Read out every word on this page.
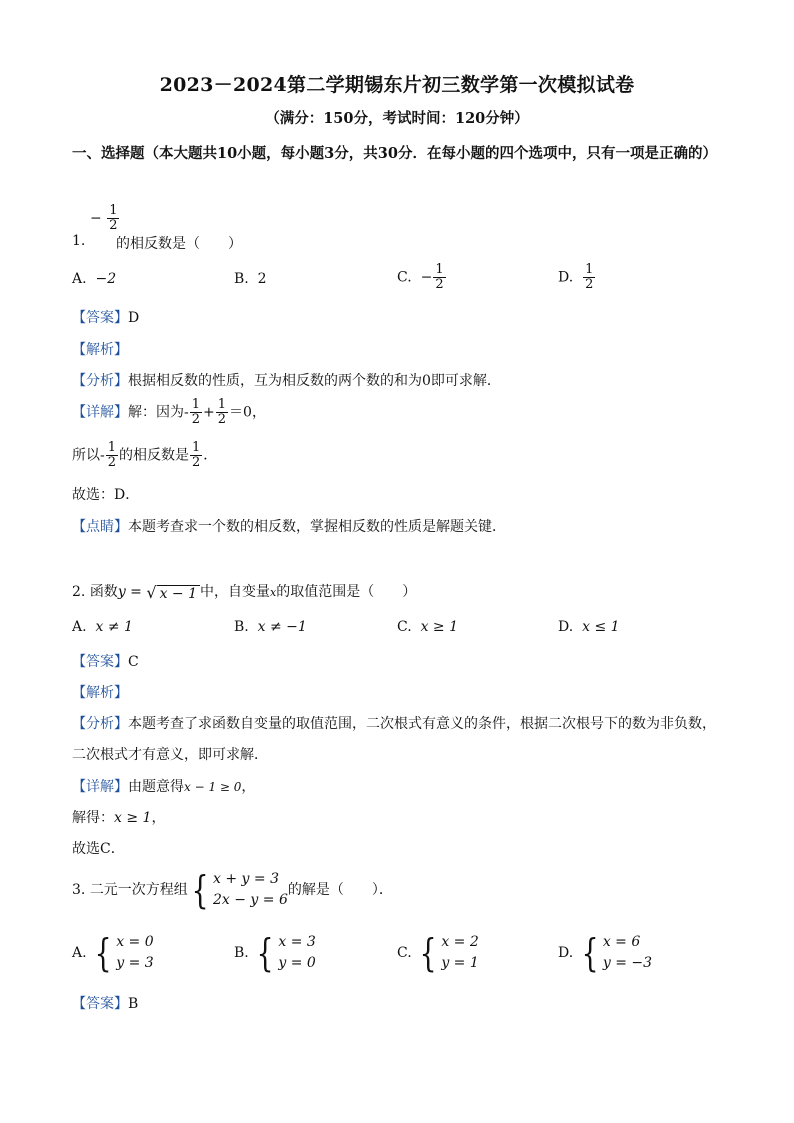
2023－2024第二学期锡东片初三数学第一次模拟试卷
（满分：150分，考试时间：120分钟）
一、选择题（本大题共10小题，每小题3分，共30分．在每小题的四个选项中，只有一项是正确的）
− $\frac{1}{2}$
1. 的相反数是（　　）
A. −2	B. 2	C. − $\frac{1}{2}$	D. $\frac{1}{2}$
【答案】D
【解析】
【分析】根据相反数的性质，互为相反数的两个数的和为0即可求解．
【详解】解：因为- $\frac{1}{2} + \frac{1}{2} =0$，
所以- $\frac{1}{2}$ 的相反数是 $\frac{1}{2}$ ．
故选：D．
【点睛】本题考查求一个数的相反数，掌握相反数的性质是解题关键．
2. 函数y = √ x − 1 中，自变量x的取值范围是（　　）
A. x ≠ 1	B. x ≠ −1	C. x ≥ 1	D. x ≤ 1
【答案】C
【解析】
【分析】本题考查了求函数自变量的取值范围，二次根式有意义的条件，根据二次根号下的数为非负数，
二次根式才有意义，即可求解．
【详解】由题意得x − 1 ≥ 0，
解得：x ≥ 1，
故选C．
3. 二元一次方程组 { x + y = 3
2x − y = 6
的解是（　　）．
A. { x = 0
y = 3
B. { x = 3
y = 0
C. { x = 2
y = 1
D. { x = 6
y = −3
【答案】B
